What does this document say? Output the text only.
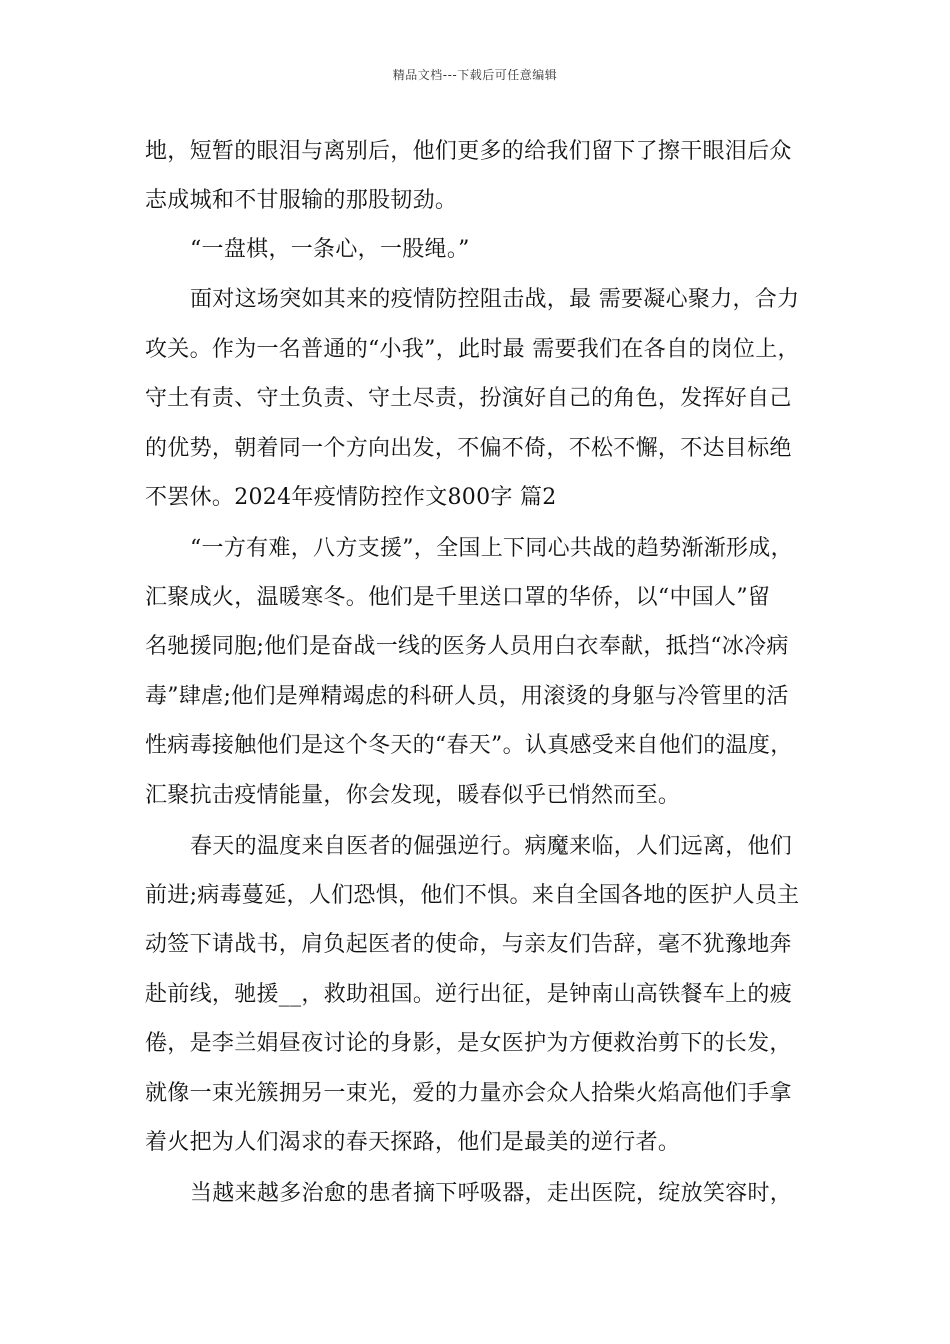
精品文档---下载后可任意编辑
地，短暂的眼泪与离别后，他们更多的给我们留下了擦干眼泪后众
志成城和不甘服输的那股韧劲。
“一盘棋，一条心，一股绳。”
面对这场突如其来的疫情防控阻击战，最 需要凝心聚力，合力
攻关。作为一名普通的“小我”，此时最 需要我们在各自的岗位上，
守土有责、守土负责、守土尽责，扮演好自己的角色，发挥好自己
的优势，朝着同一个方向出发，不偏不倚，不松不懈，不达目标绝
不罢休。2024年疫情防控作文800字 篇2
“一方有难，八方支援”，全国上下同心共战的趋势渐渐形成，
汇聚成火，温暖寒冬。他们是千里送口罩的华侨，以“中国人”留
名驰援同胞;他们是奋战一线的医务人员用白衣奉献，抵挡“冰冷病
毒”肆虐;他们是殚精竭虑的科研人员，用滚烫的身躯与冷管里的活
性病毒接触他们是这个冬天的“春天”。认真感受来自他们的温度，
汇聚抗击疫情能量，你会发现，暖春似乎已悄然而至。
春天的温度来自医者的倔强逆行。病魔来临，人们远离，他们
前进;病毒蔓延，人们恐惧，他们不惧。来自全国各地的医护人员主
动签下请战书，肩负起医者的使命，与亲友们告辞，毫不犹豫地奔
赴前线，驰援__，救助祖国。逆行出征，是钟南山高铁餐车上的疲
倦，是李兰娟昼夜讨论的身影，是女医护为方便救治剪下的长发，
就像一束光簇拥另一束光，爱的力量亦会众人拾柴火焰高他们手拿
着火把为人们渴求的春天探路，他们是最美的逆行者。
当越来越多治愈的患者摘下呼吸器，走出医院，绽放笑容时，
